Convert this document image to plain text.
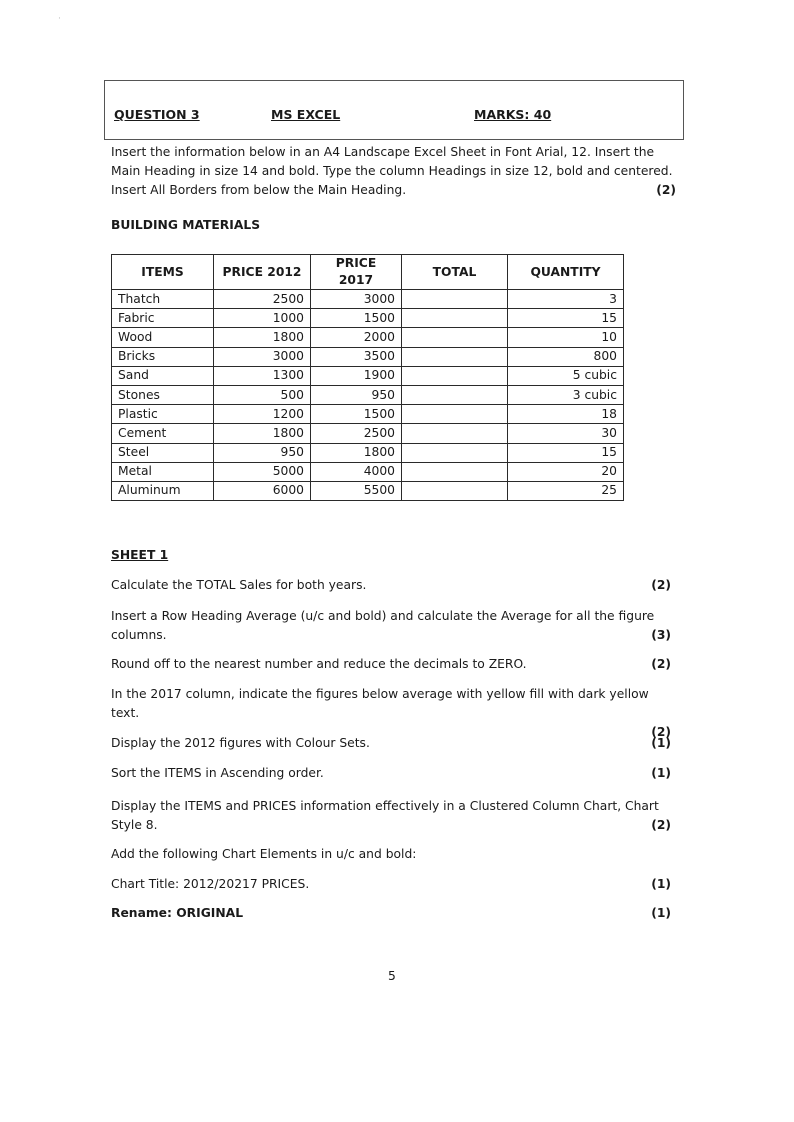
·
QUESTION 3	MS EXCEL	MARKS: 40
Insert the information below in an A4 Landscape Excel Sheet in Font Arial, 12. Insert the
Main Heading in size 14 and bold. Type the column Headings in size 12, bold and centered.
Insert All Borders from below the Main Heading.	(2)
BUILDING MATERIALS
ITEMS	PRICE 2012	PRICE 2017	TOTAL	QUANTITY
Thatch	2500	3000		3
Fabric	1000	1500		15
Wood	1800	2000		10
Bricks	3000	3500		800
Sand	1300	1900		5 cubic
Stones	500	950		3 cubic
Plastic	1200	1500		18
Cement	1800	2500		30
Steel	950	1800		15
Metal	5000	4000		20
Aluminum	6000	5500		25
SHEET 1
Calculate the TOTAL Sales for both years.	(2)
Insert a Row Heading Average (u/c and bold) and calculate the Average for all the figure
columns.	(3)
Round off to the nearest number and reduce the decimals to ZERO.	(2)
In the 2017 column, indicate the figures below average with yellow fill with dark yellow text.
(2)
Display the 2012 figures with Colour Sets.	(1)
Sort the ITEMS in Ascending order.	(1)
Display the ITEMS and PRICES information effectively in a Clustered Column Chart, Chart
Style 8.	(2)
Add the following Chart Elements in u/c and bold:
Chart Title: 2012/20217 PRICES.	(1)
Rename: ORIGINAL	(1)
5
